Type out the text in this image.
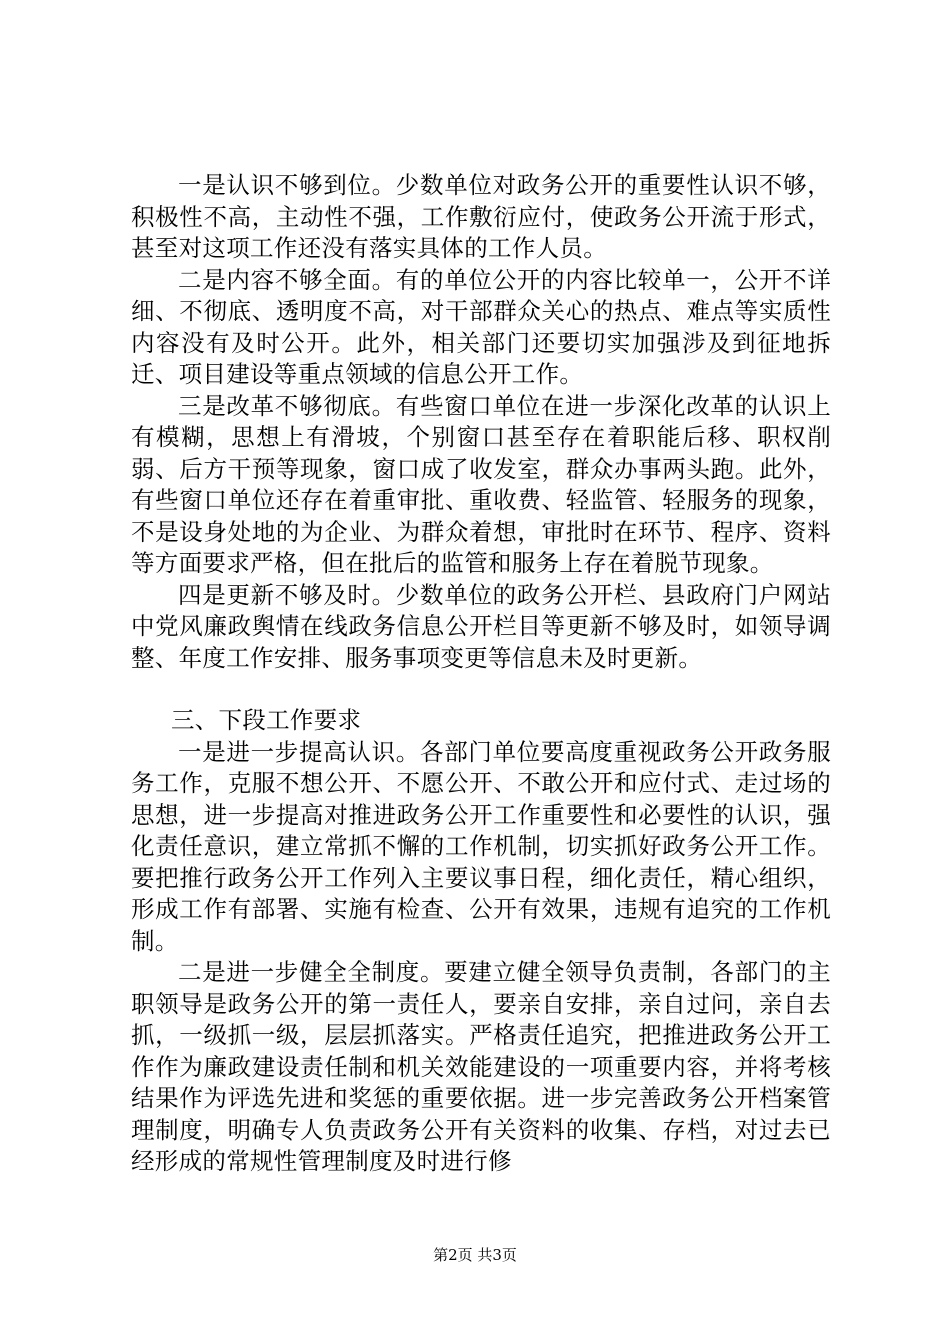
一是认识不够到位。少数单位对政务公开的重要性认识不够，积极性不高，主动性不强，工作敷衍应付，使政务公开流于形式，甚至对这项工作还没有落实具体的工作人员。

二是内容不够全面。有的单位公开的内容比较单一，公开不详细、不彻底、透明度不高，对干部群众关心的热点、难点等实质性内容没有及时公开。此外，相关部门还要切实加强涉及到征地拆迁、项目建设等重点领域的信息公开工作。

三是改革不够彻底。有些窗口单位在进一步深化改革的认识上有模糊，思想上有滑坡，个别窗口甚至存在着职能后移、职权削弱、后方干预等现象，窗口成了收发室，群众办事两头跑。此外，有些窗口单位还存在着重审批、重收费、轻监管、轻服务的现象，不是设身处地的为企业、为群众着想，审批时在环节、程序、资料等方面要求严格，但在批后的监管和服务上存在着脱节现象。

四是更新不够及时。少数单位的政务公开栏、县政府门户网站中党风廉政舆情在线政务信息公开栏目等更新不够及时，如领导调整、年度工作安排、服务事项变更等信息未及时更新。

三、下段工作要求

一是进一步提高认识。各部门单位要高度重视政务公开政务服务工作，克服不想公开、不愿公开、不敢公开和应付式、走过场的思想，进一步提高对推进政务公开工作重要性和必要性的认识，强化责任意识，建立常抓不懈的工作机制，切实抓好政务公开工作。要把推行政务公开工作列入主要议事日程，细化责任，精心组织，形成工作有部署、实施有检查、公开有效果，违规有追究的工作机制。

二是进一步健全全制度。要建立健全领导负责制，各部门的主职领导是政务公开的第一责任人，要亲自安排，亲自过问，亲自去抓，一级抓一级，层层抓落实。严格责任追究，把推进政务公开工作作为廉政建设责任制和机关效能建设的一项重要内容，并将考核结果作为评选先进和奖惩的重要依据。进一步完善政务公开档案管理制度，明确专人负责政务公开有关资料的收集、存档，对过去已经形成的常规性管理制度及时进行修

第2页 共3页
